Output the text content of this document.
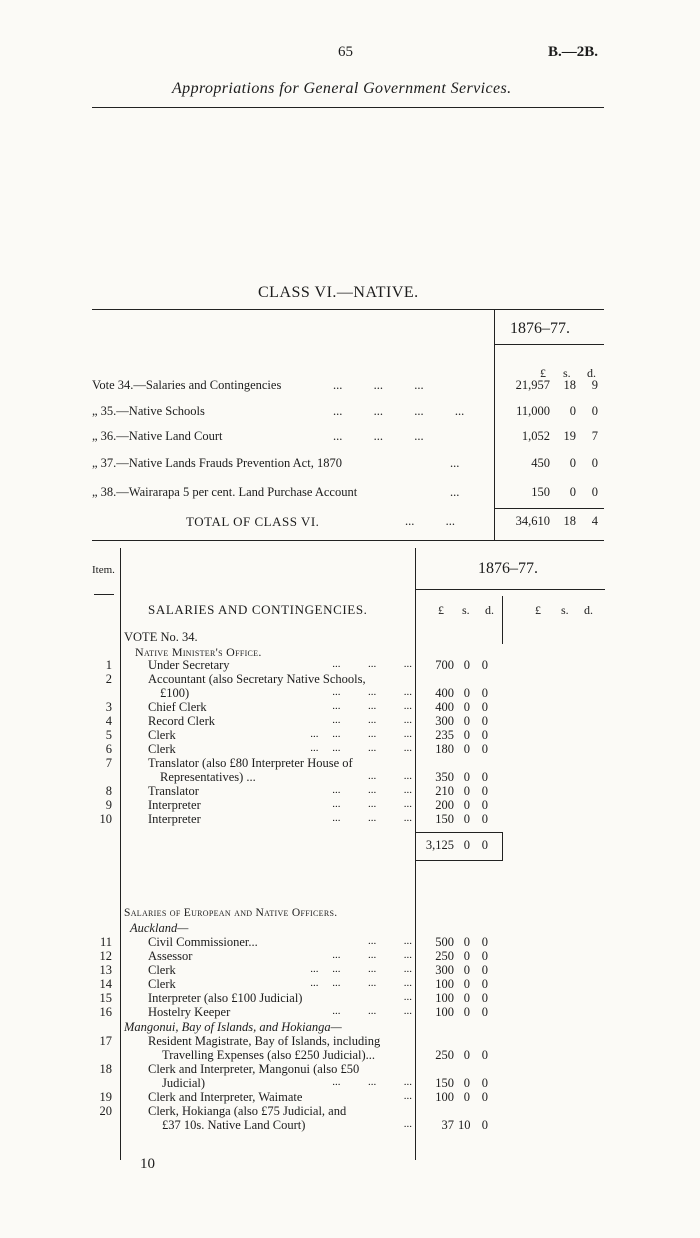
65	B.—2B.
Appropriations for General Government Services.
CLASS VI.—NATIVE.
1876–77.
£ s. d.
Vote 34.—Salaries and Contingencies	...          ...          ...	21,957	18	9
„ 35.—Native Schools	...          ...          ...          ...	11,000	0	0
„ 36.—Native Land Court	...          ...          ...	1,052	19	7
„ 37.—Native Lands Frauds Prevention Act, 1870	...	450	0	0
„ 38.—Wairarapa 5 per cent. Land Purchase Account	...	150	0	0
TOTAL OF CLASS VI.	...          ...	34,610	18	4
Item.	1876–77.
SALARIES AND CONTINGENCIES.	£ s. d.	£ s. d.
VOTE No. 34.
Native Minister's Office.
1	Under Secretary	...          ...          ...	700 0 0
2	Accountant (also Secretary Native Schools,
£100)	...          ...          ...	400 0 0
3	Chief Clerk	...          ...          ...	400 0 0
4	Record Clerk	...          ...          ...	300 0 0
5	Clerk	...     ...          ...          ...	235 0 0
6	Clerk	...     ...          ...          ...	180 0 0
7	Translator (also £80 Interpreter House of
Representatives) ...	...          ...	350 0 0
8	Translator	...          ...          ...	210 0 0
9	Interpreter	...          ...          ...	200 0 0
10	Interpreter	...          ...          ...	150 0 0
3,125 0 0
Salaries of European and Native Officers.
Auckland—
11	Civil Commissioner...	...          ...	500 0 0
12	Assessor	...          ...          ...	250 0 0
13	Clerk	...     ...          ...          ...	300 0 0
14	Clerk	...     ...          ...          ...	100 0 0
15	Interpreter (also £100 Judicial)	...	100 0 0
16	Hostelry Keeper	...          ...          ...	100 0 0
Mangonui, Bay of Islands, and Hokianga—
17	Resident Magistrate, Bay of Islands, including
Travelling Expenses (also £250 Judicial)...	250 0 0
18	Clerk and Interpreter, Mangonui (also £50
Judicial)	...          ...          ...	150 0 0
19	Clerk and Interpreter, Waimate	...	100 0 0
20	Clerk, Hokianga (also £75 Judicial, and
£37 10s. Native Land Court)	...	37 10 0
10
